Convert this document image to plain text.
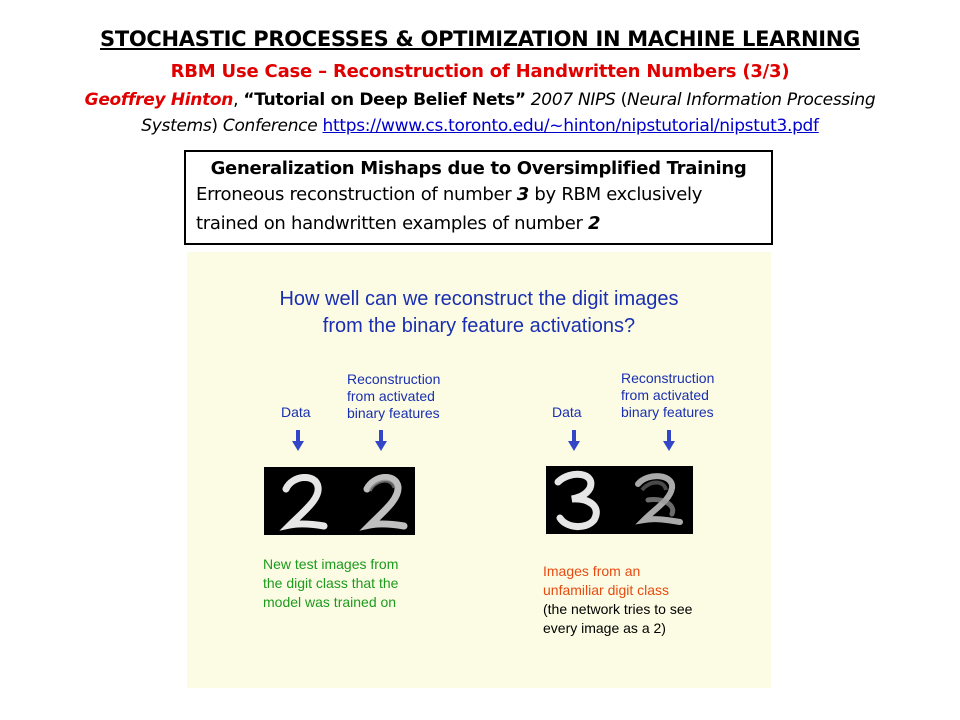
STOCHASTIC PROCESSES & OPTIMIZATION IN MACHINE LEARNING
RBM Use Case – Reconstruction of Handwritten Numbers (3/3)
Geoffrey Hinton, “Tutorial on Deep Belief Nets” 2007 NIPS (Neural Information Processing Systems) Conference https://www.cs.toronto.edu/~hinton/nipstutorial/nipstut3.pdf
Generalization Mishaps due to Oversimplified Training
Erroneous reconstruction of number 3 by RBM exclusively
trained on handwritten examples of number 2
How well can we reconstruct the digit images
from the binary feature activations?
Data
Reconstruction
from activated
binary features	Data
Reconstruction
from activated
binary features
New test images from
the digit class that the
model was trained on
Images from an
unfamiliar digit class
(the network tries to see
every image as a 2)
